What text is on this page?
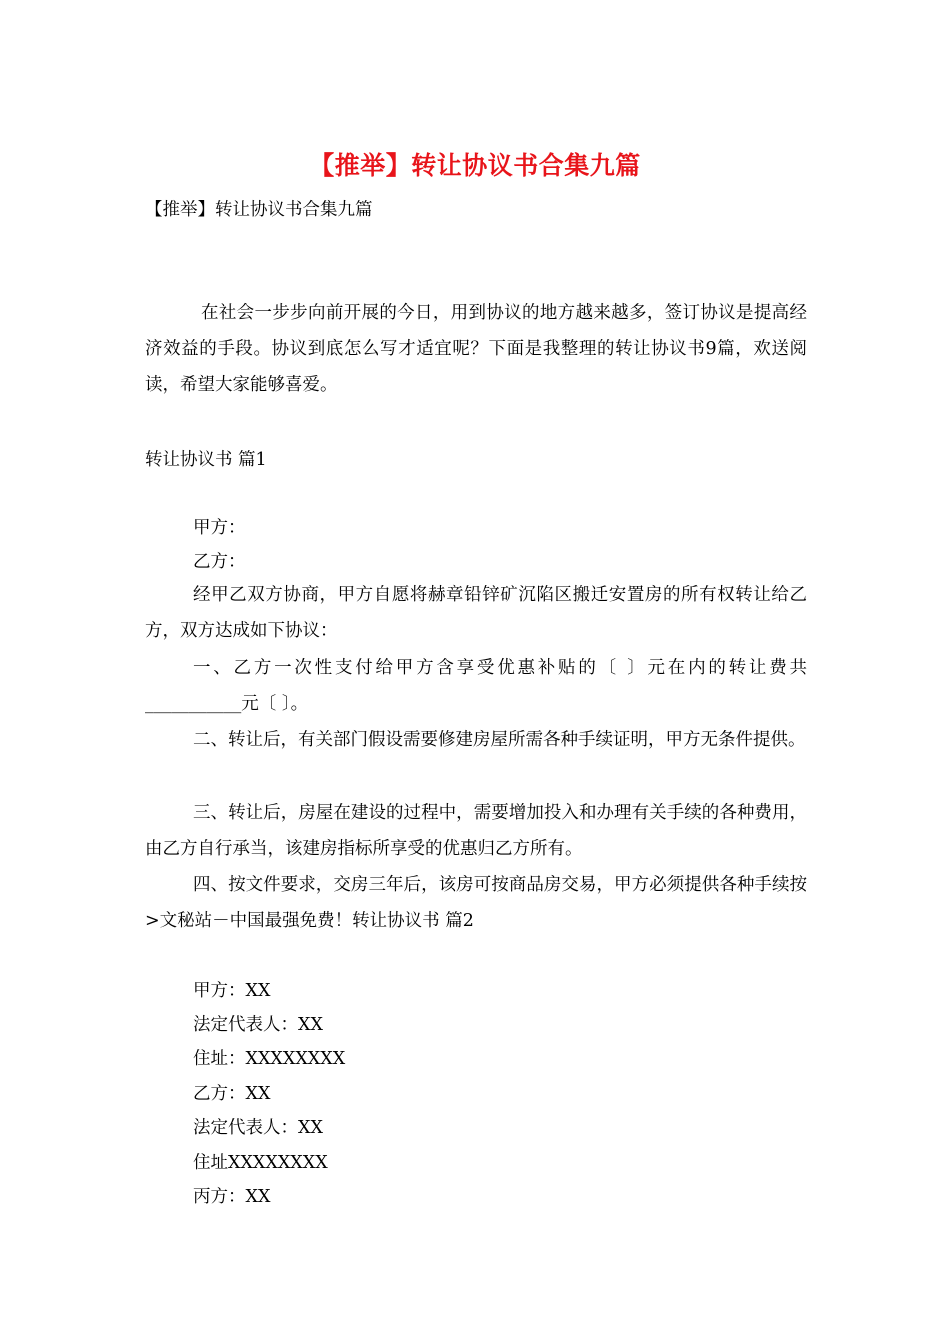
【推举】转让协议书合集九篇
【推举】转让协议书合集九篇

在社会一步步向前开展的今日，用到协议的地方越来越多，签订协议是提高经济效益的手段。协议到底怎么写才适宜呢？下面是我整理的转让协议书9篇，欢送阅读，希望大家能够喜爱。

转让协议书 篇1
甲方：
乙方：

经甲乙双方协商，甲方自愿将赫章铅锌矿沉陷区搬迁安置房的所有权转让给乙方，双方达成如下协议：

一、乙方一次性支付给甲方含享受优惠补贴的〔 〕元在内的转让费共___________元〔 〕。

二、转让后，有关部门假设需要修建房屋所需各种手续证明，甲方无条件提供。

三、转让后，房屋在建设的过程中，需要增加投入和办理有关手续的各种费用，由乙方自行承当，该建房指标所享受的优惠归乙方所有。

四、按文件要求，交房三年后，该房可按商品房交易，甲方必须提供各种手续按>文秘站－中国最强免费！转让协议书 篇2

甲方：XX
法定代表人：XX
住址：XXXXXXXX
乙方：XX
法定代表人：XX
住址XXXXXXXX
丙方：XX
